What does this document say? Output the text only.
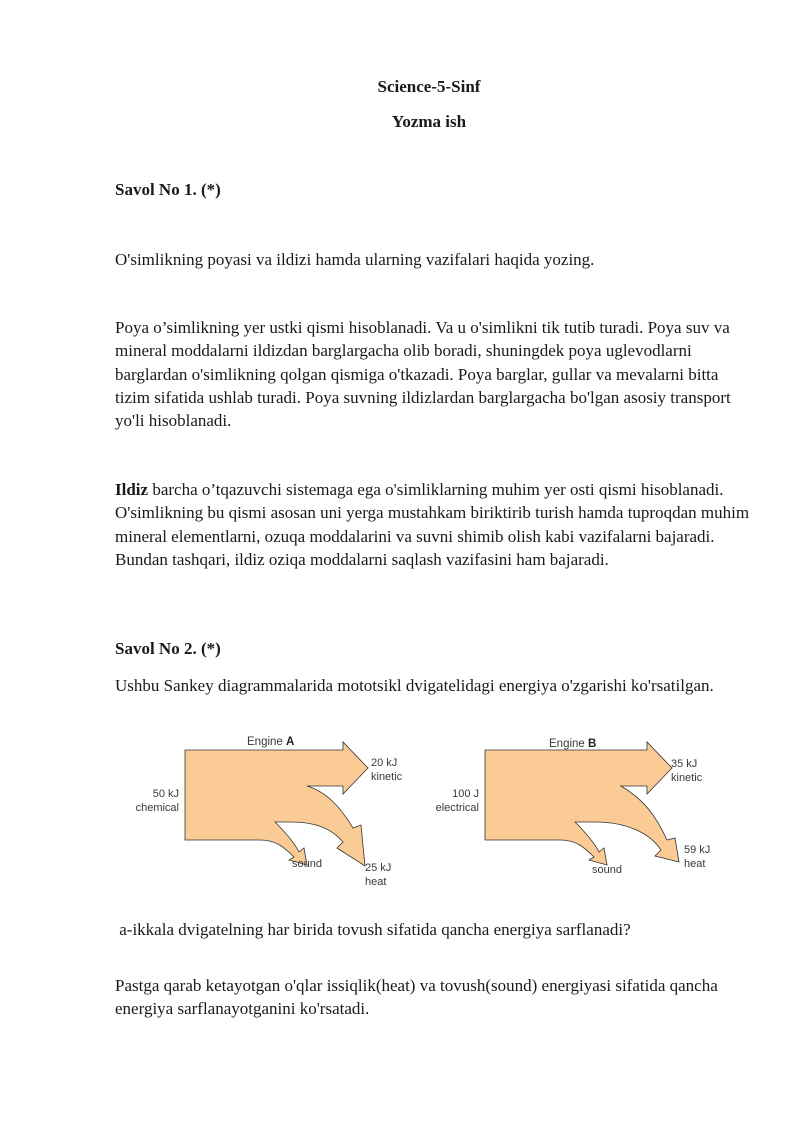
Science-5-Sinf
Yozma ish
Savol No 1. (*)
O'simlikning poyasi va ildizi hamda ularning vazifalari haqida yozing.
Poya o’simlikning yer ustki qismi hisoblanadi. Va u o'simlikni tik tutib turadi. Poya suv va mineral moddalarni ildizdan barglargacha olib boradi, shuningdek poya uglevodlarni barglardan o'simlikning qolgan qismiga o'tkazadi. Poya barglar, gullar va mevalarni bitta tizim sifatida ushlab turadi. Poya suvning ildizlardan barglargacha bo'lgan asosiy transport yo'li hisoblanadi.
Ildiz barcha o’tqazuvchi sistemaga ega o'simliklarning muhim yer osti qismi hisoblanadi. O'simlikning bu qismi asosan uni yerga mustahkam biriktirib turish hamda tuproqdan muhim mineral elementlarni, ozuqa moddalarini va suvni shimib olish kabi vazifalarni bajaradi. Bundan tashqari, ildiz oziqa moddalarni saqlash vazifasini ham bajaradi.
Savol No 2. (*)
Ushbu Sankey diagrammalarida mototsikl dvigatelidagi energiya o'zgarishi ko'rsatilgan.
Engine A
50 kJ
chemical
20 kJ
kinetic
25 kJ
heat
sound
Engine B
100 J
electrical
35 kJ
kinetic
59 kJ
heat
sound
a-ikkala dvigatelning har birida tovush sifatida qancha energiya sarflanadi?
Pastga qarab ketayotgan o'qlar issiqlik(heat) va tovush(sound) energiyasi sifatida qancha energiya sarflanayotganini ko'rsatadi.
